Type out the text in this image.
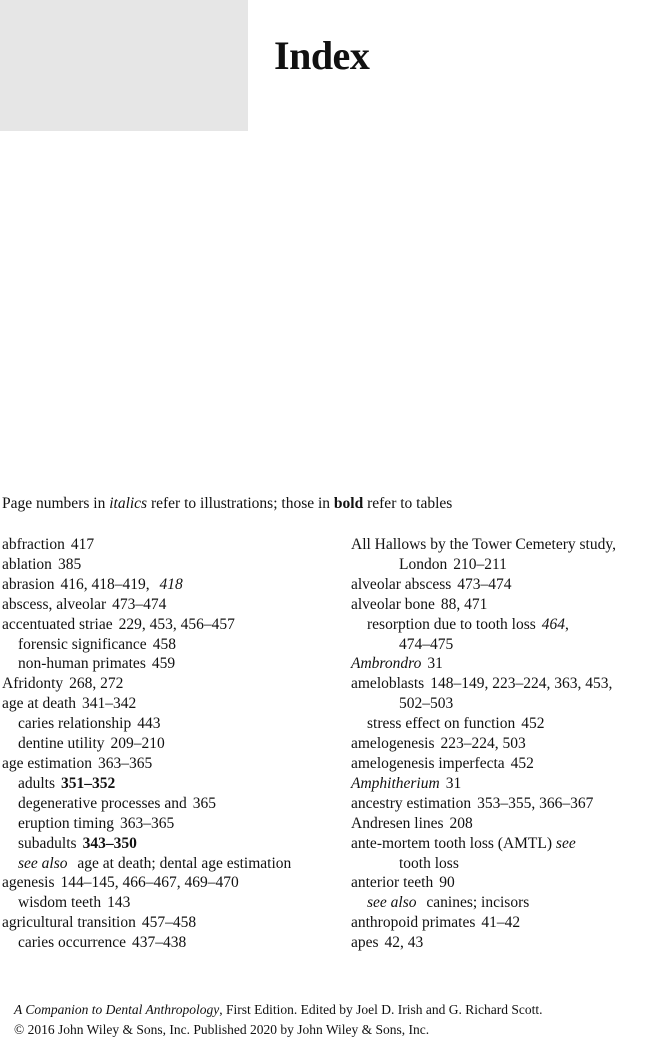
Index
Page numbers in italics refer to illustrations; those in bold refer to tables
abfraction 417
ablation 385
abrasion 416, 418–419, 418
abscess, alveolar 473–474
accentuated striae 229, 453, 456–457
forensic significance 458
non-human primates 459
Afridonty 268, 272
age at death 341–342
caries relationship 443
dentine utility 209–210
age estimation 363–365
adults 351–352
degenerative processes and 365
eruption timing 363–365
subadults 343–350
see also age at death; dental age estimation
agenesis 144–145, 466–467, 469–470
wisdom teeth 143
agricultural transition 457–458
caries occurrence 437–438
All Hallows by the Tower Cemetery study,
London 210–211
alveolar abscess 473–474
alveolar bone 88, 471
resorption due to tooth loss 464,
474–475
Ambrondro 31
ameloblasts 148–149, 223–224, 363, 453,
502–503
stress effect on function 452
amelogenesis 223–224, 503
amelogenesis imperfecta 452
Amphitherium 31
ancestry estimation 353–355, 366–367
Andresen lines 208
ante-mortem tooth loss (AMTL) see
tooth loss
anterior teeth 90
see also canines; incisors
anthropoid primates 41–42
apes 42, 43
A Companion to Dental Anthropology, First Edition. Edited by Joel D. Irish and G. Richard Scott.
© 2016 John Wiley & Sons, Inc. Published 2020 by John Wiley & Sons, Inc.
